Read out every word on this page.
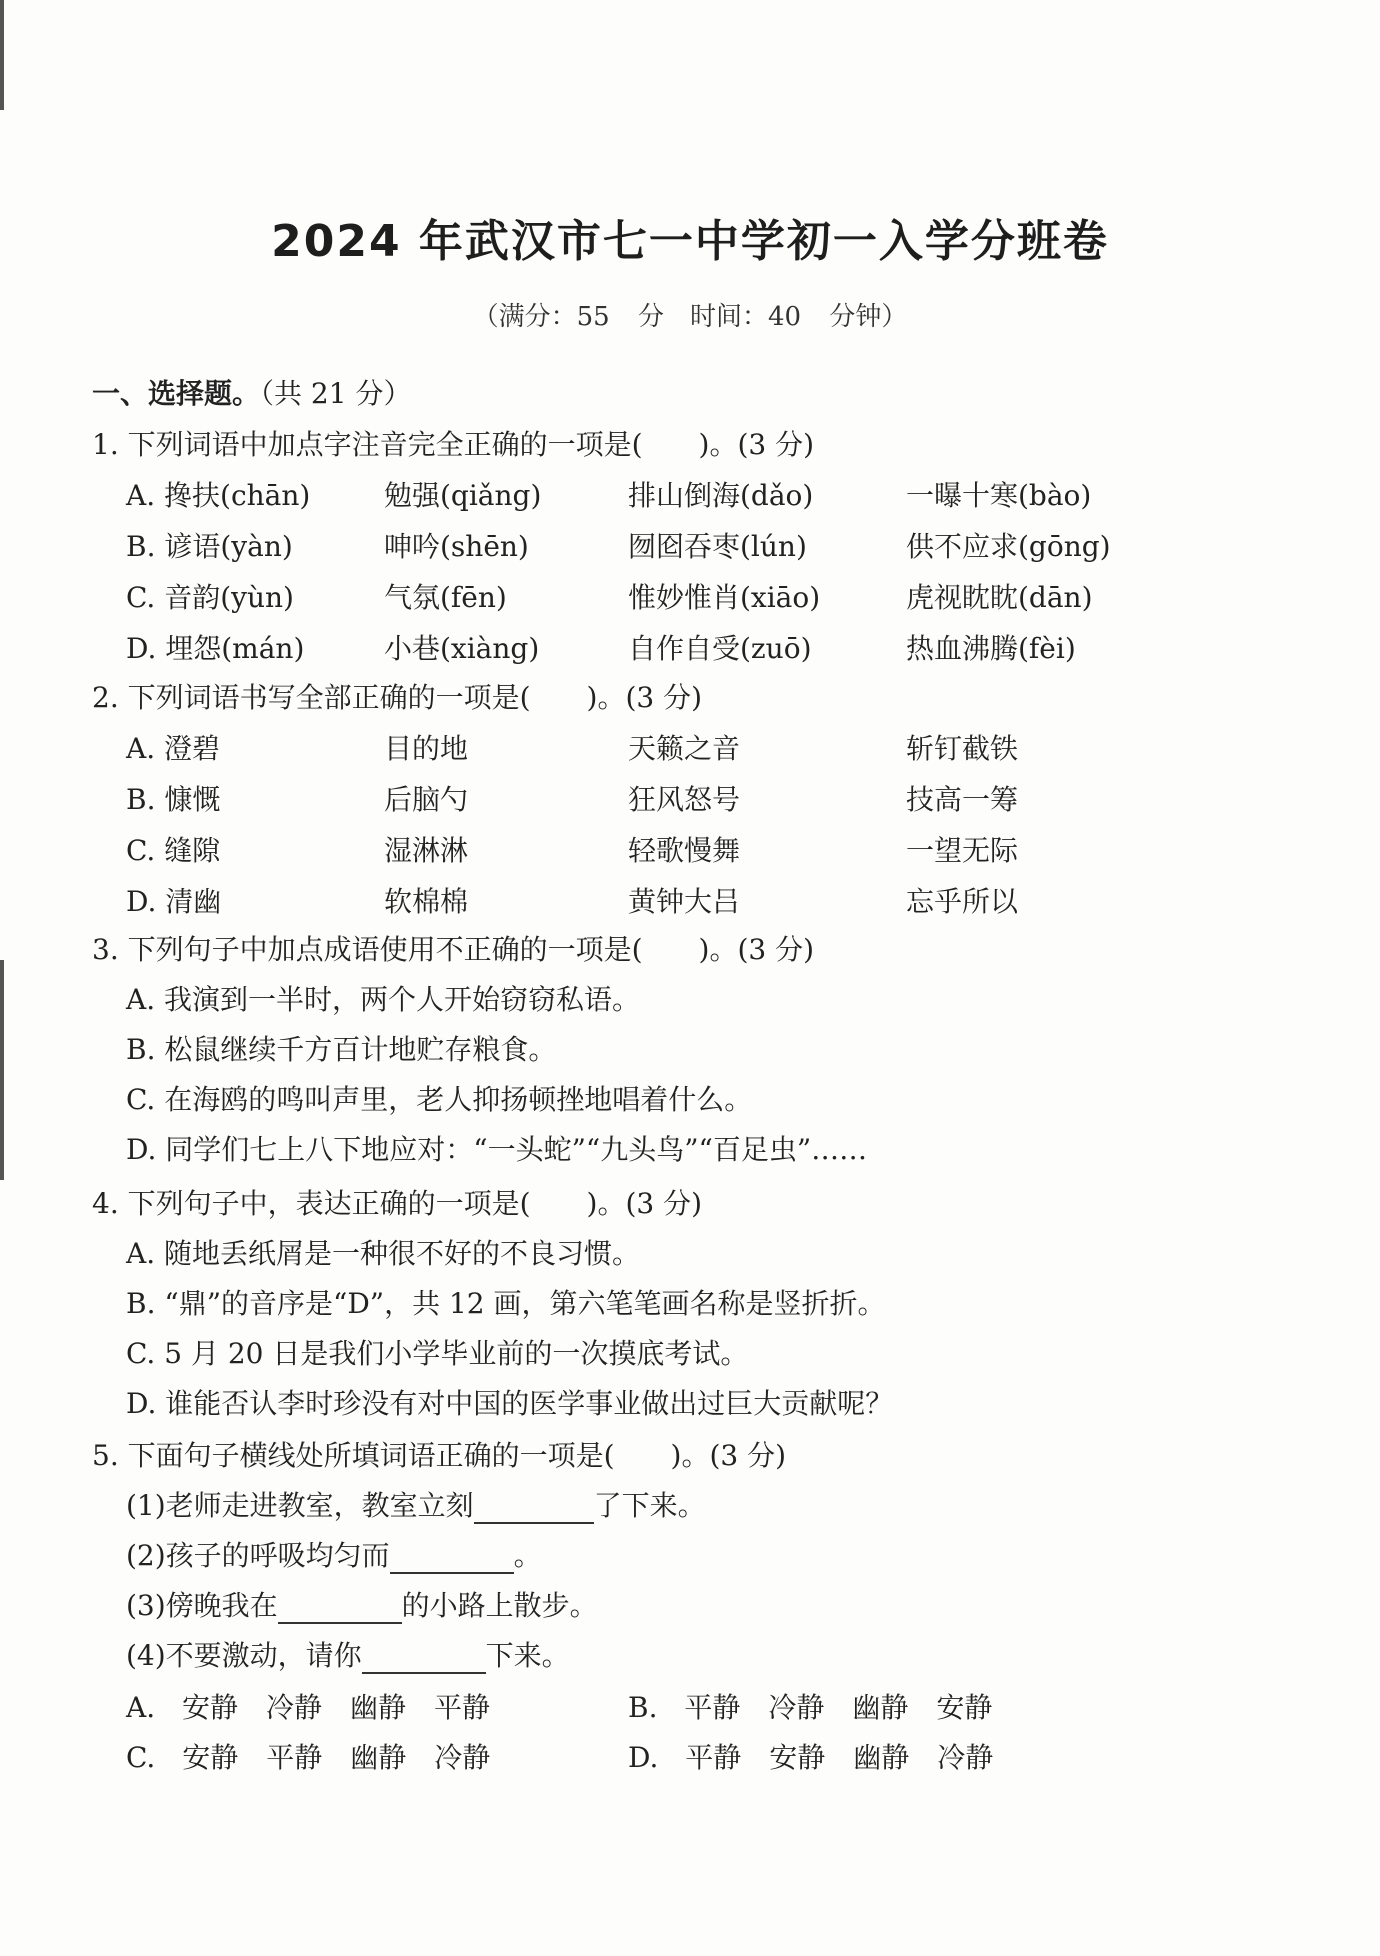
2024 年武汉市七一中学初一入学分班卷
（满分：55 分　时间：40 分钟）
一、选择题。（共 21 分）
1. 下列词语中加点字注音完全正确的一项是(　　)。(3 分)
A. 搀扶(chān)	勉强(qiǎng)	排山倒海(dǎo)	一曝十寒(bào)
B. 谚语(yàn)	呻吟(shēn)	囫囵吞枣(lún)	供不应求(gōng)
C. 音韵(yùn)	气氛(fēn)	惟妙惟肖(xiāo)	虎视眈眈(dān)
D. 埋怨(mán)	小巷(xiàng)	自作自受(zuō)	热血沸腾(fèi)
2. 下列词语书写全部正确的一项是(　　)。(3 分)
A. 澄碧	目的地	天籁之音	斩钉截铁
B. 慷慨	后脑勺	狂风怒号	技高一筹
C. 缝隙	湿淋淋	轻歌慢舞	一望无际
D. 清幽	软棉棉	黄钟大吕	忘乎所以
3. 下列句子中加点成语使用不正确的一项是(　　)。(3 分)
A. 我演到一半时，两个人开始窃窃私语。
B. 松鼠继续千方百计地贮存粮食。
C. 在海鸥的鸣叫声里，老人抑扬顿挫地唱着什么。
D. 同学们七上八下地应对：“一头蛇”“九头鸟”“百足虫”……
4. 下列句子中，表达正确的一项是(　　)。(3 分)
A. 随地丢纸屑是一种很不好的不良习惯。
B. “鼎”的音序是“D”，共 12 画，第六笔笔画名称是竖折折。
C. 5 月 20 日是我们小学毕业前的一次摸底考试。
D. 谁能否认李时珍没有对中国的医学事业做出过巨大贡献呢？
5. 下面句子横线处所填词语正确的一项是(　　)。(3 分)
(1)老师走进教室，教室立刻	了下来。
(2)孩子的呼吸均匀而	。
(3)傍晚我在	的小路上散步。
(4)不要激动，请你	下来。
A. 安静　冷静　幽静　平静	B. 平静　冷静　幽静　安静
C. 安静　平静　幽静　冷静	D. 平静　安静　幽静　冷静
